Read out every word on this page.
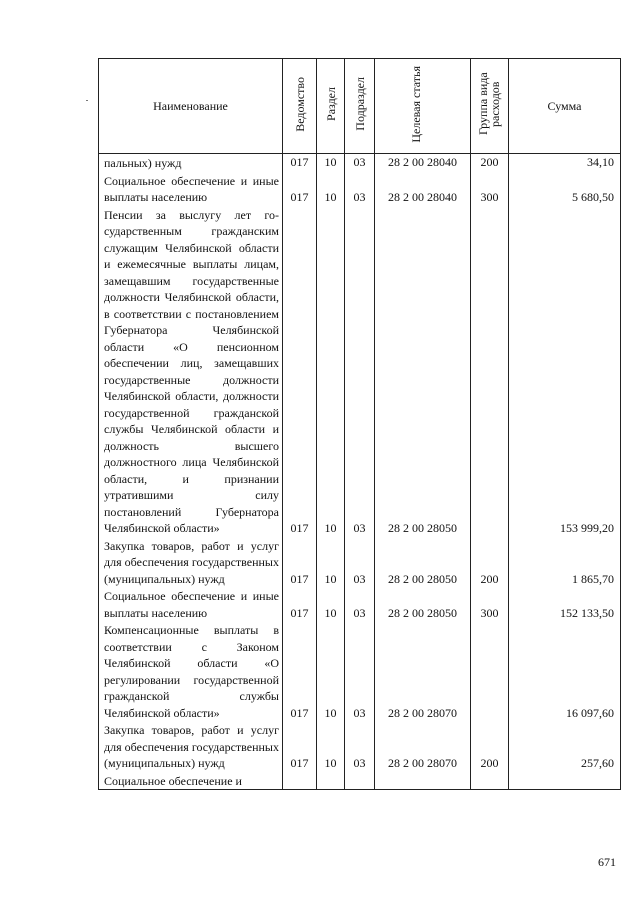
Наименование	Ведомство	Раздел	Подраздел	Целевая статья	Группа вида расходов	Сумма
пальных) нужд	017	10	03	28 2 00 28040	200	34,10
Социальное обеспечение и иные выплаты населению	017	10	03	28 2 00 28040	300	5 680,50
Пенсии за выслугу лет государственным гражданским служащим Челябинской области и ежемесячные выплаты лицам, замещавшим государственные должности Челябинской области, в соответствии с постановлением Губернатора Челябинской области «О пенсионном обеспечении лиц, замещавших государственные должности Челябинской области, должности государственной гражданской службы Челябинской области и должность высшего должностного лица Челябинской области, и признании утратившими силу постановлений Губернатора Челябинской области»	017	10	03	28 2 00 28050		153 999,20
Закупка товаров, работ и услуг для обеспечения государственных (муниципальных) нужд	017	10	03	28 2 00 28050	200	1 865,70
Социальное обеспечение и иные выплаты населению	017	10	03	28 2 00 28050	300	152 133,50
Компенсационные выплаты в соответствии с Законом Челябинской области «О регулировании государственной гражданской службы Челябинской области»	017	10	03	28 2 00 28070		16 097,60
Закупка товаров, работ и услуг для обеспечения государственных (муниципальных) нужд	017	10	03	28 2 00 28070	200	257,60
Социальное обеспечение и						
671
